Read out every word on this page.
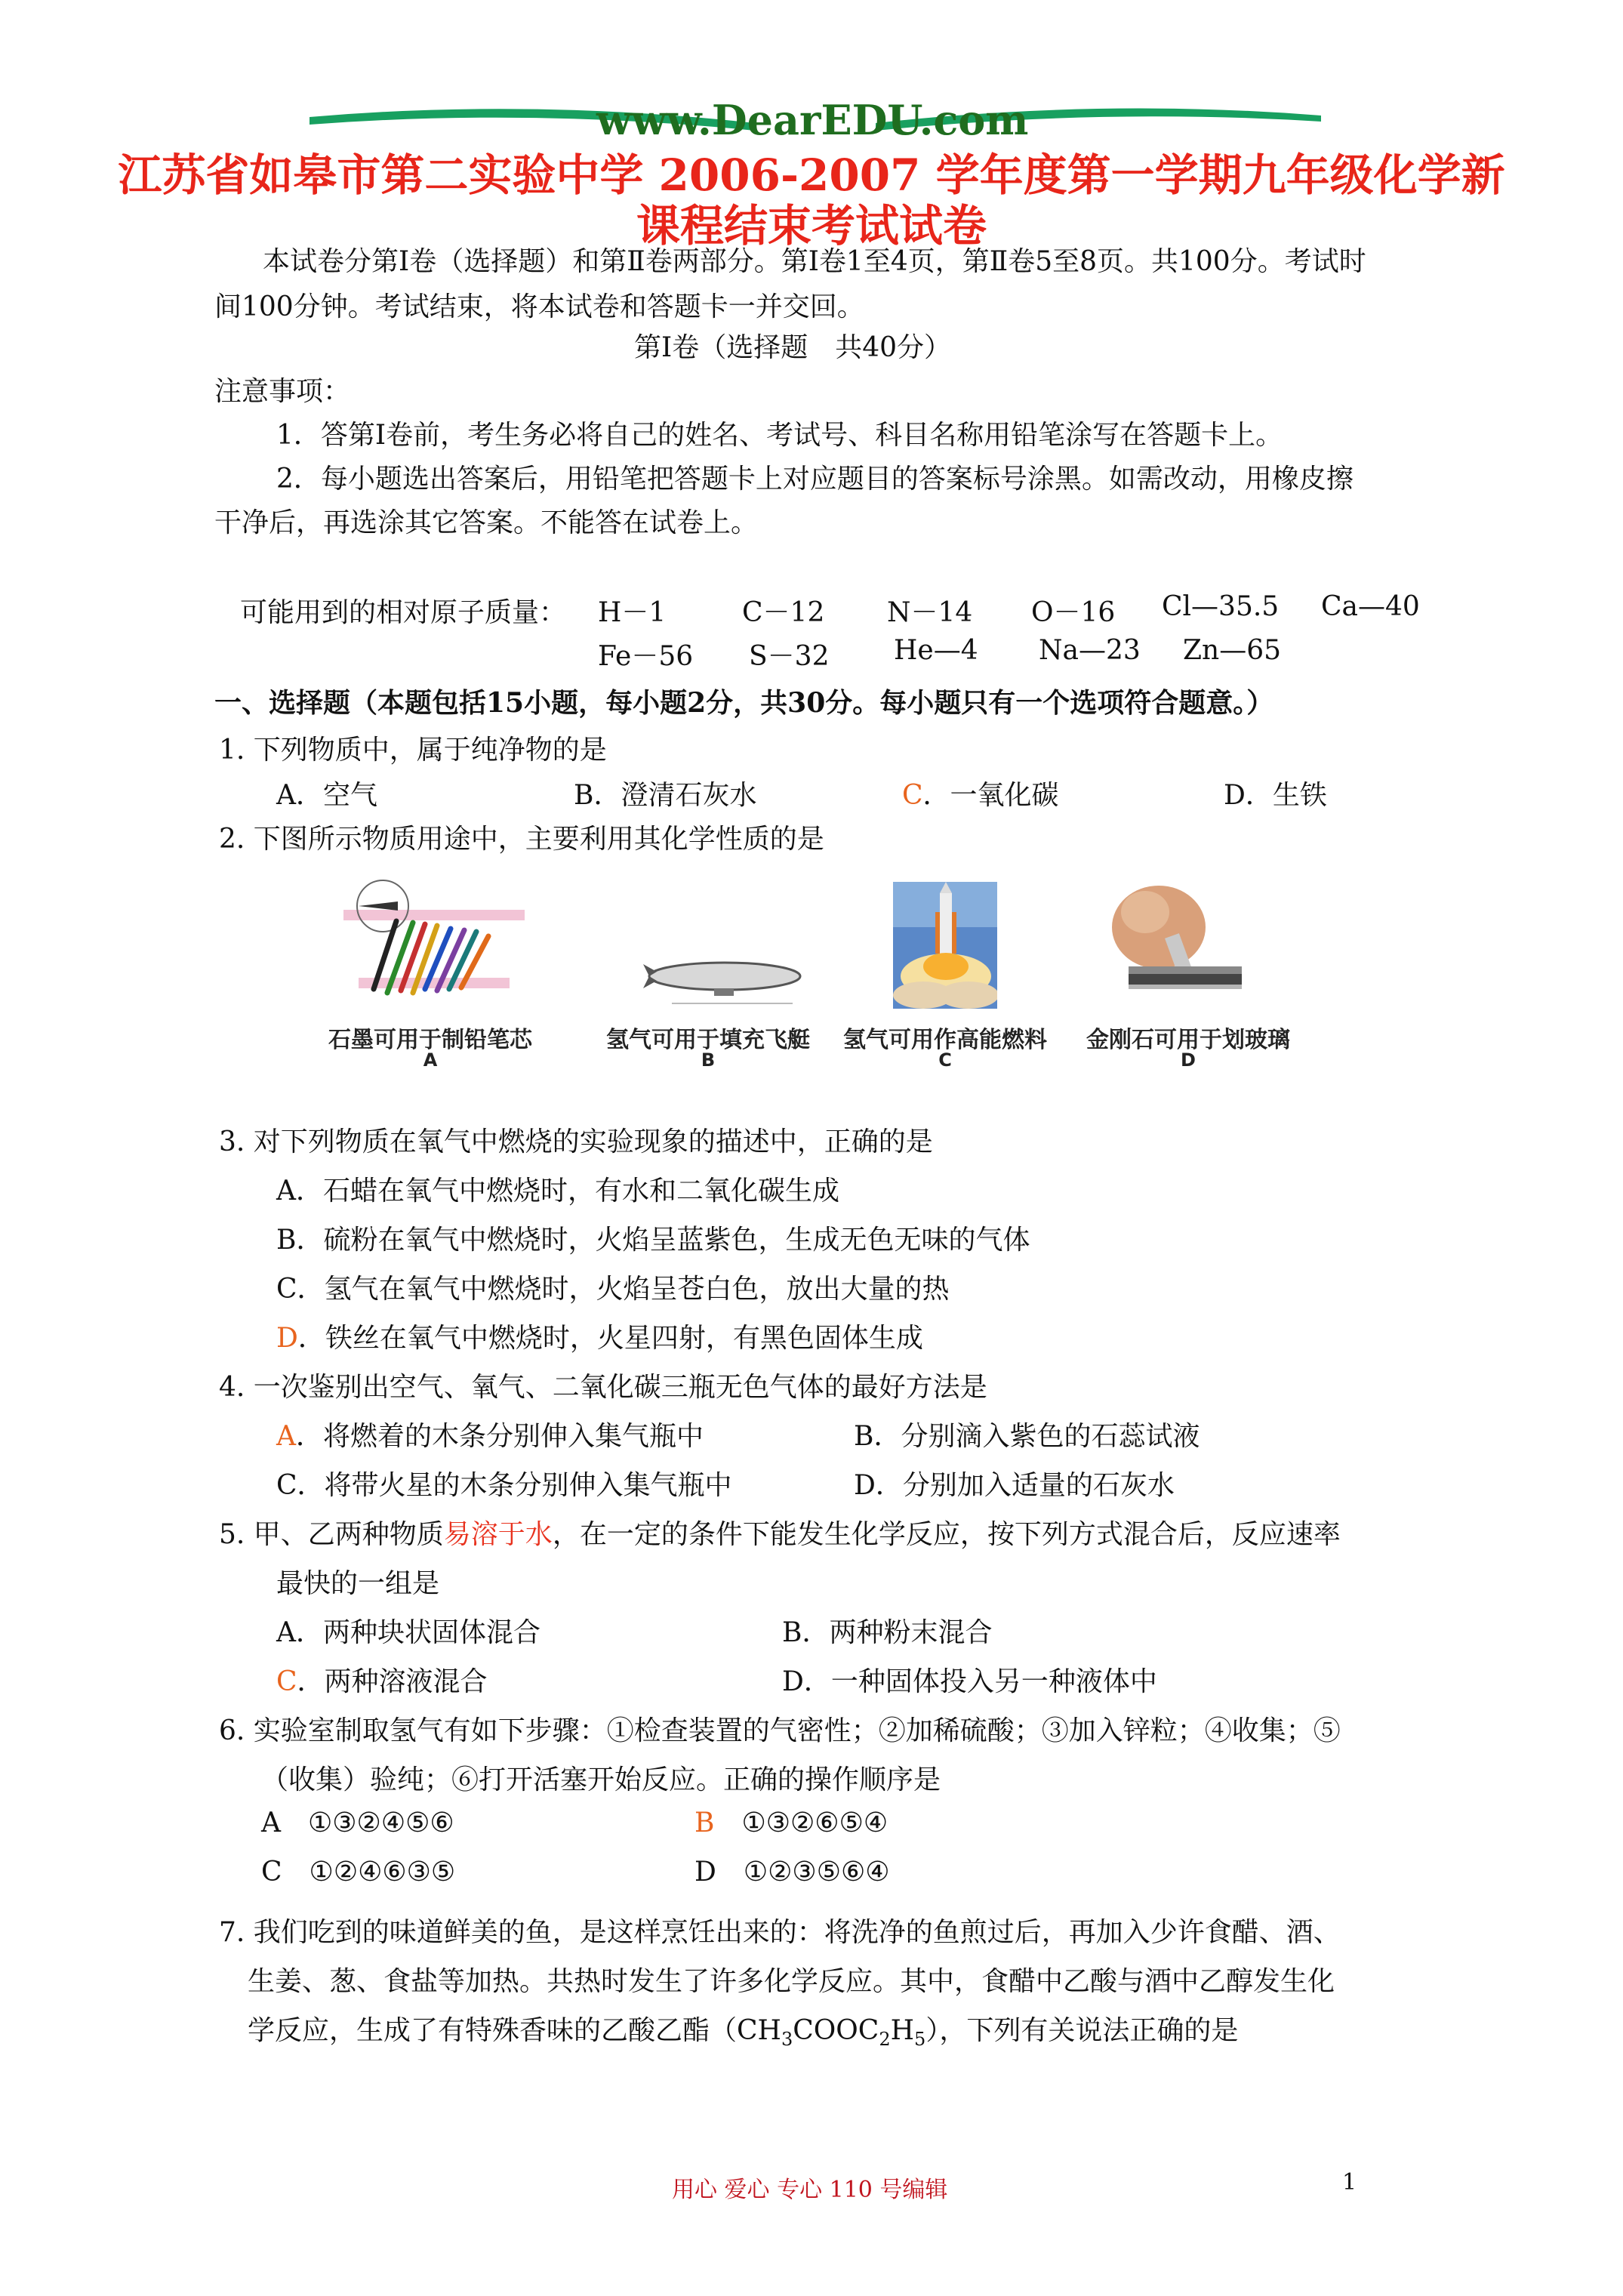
www.DearEDU.com
江苏省如皋市第二实验中学 2006-2007 学年度第一学期九年级化学新
课程结束考试试卷
本试卷分第Ⅰ卷（选择题）和第Ⅱ卷两部分。第Ⅰ卷1至4页，第Ⅱ卷5至8页。共100分。考试时
间100分钟。考试结束，将本试卷和答题卡一并交回。
第Ⅰ卷（选择题　共40分）
注意事项：
1．答第Ⅰ卷前，考生务必将自己的姓名、考试号、科目名称用铅笔涂写在答题卡上。
2．每小题选出答案后，用铅笔把答题卡上对应题目的答案标号涂黑。如需改动，用橡皮擦
干净后，再选涂其它答案。不能答在试卷上。
可能用到的相对原子质量： H－1	C－12 N－14 O－16 Cl—35.5 Ca—40
Fe－56 S－32 He—4 Na—23 Zn—65
一、选择题（本题包括15小题，每小题2分，共30分。每小题只有一个选项符合题意。）
1. 下列物质中，属于纯净物的是
A．空气	B．澄清石灰水	C．一氧化碳	D．生铁
2. 下图所示物质用途中，主要利用其化学性质的是
石墨可用于制铅笔芯
A
氢气可用于填充飞艇
B
氢气可用作高能燃料
C
金刚石可用于划玻璃
D
3. 对下列物质在氧气中燃烧的实验现象的描述中，正确的是
A．石蜡在氧气中燃烧时，有水和二氧化碳生成
B．硫粉在氧气中燃烧时，火焰呈蓝紫色，生成无色无味的气体
C．氢气在氧气中燃烧时，火焰呈苍白色，放出大量的热
D．铁丝在氧气中燃烧时，火星四射，有黑色固体生成
4. 一次鉴别出空气、氧气、二氧化碳三瓶无色气体的最好方法是
A．将燃着的木条分别伸入集气瓶中	B．分别滴入紫色的石蕊试液
C．将带火星的木条分别伸入集气瓶中	D．分别加入适量的石灰水
5. 甲、乙两种物质易溶于水，在一定的条件下能发生化学反应，按下列方式混合后，反应速率
最快的一组是
A．两种块状固体混合	B．两种粉末混合
C．两种溶液混合	D．一种固体投入另一种液体中
6. 实验室制取氢气有如下步骤：①检查装置的气密性；②加稀硫酸；③加入锌粒；④收集；⑤
（收集）验纯；⑥打开活塞开始反应。正确的操作顺序是
A ①③②④⑤⑥	B ①③②⑥⑤④
C ①②④⑥③⑤	D ①②③⑤⑥④
7. 我们吃到的味道鲜美的鱼，是这样烹饪出来的：将洗净的鱼煎过后，再加入少许食醋、酒、
生姜、葱、食盐等加热。共热时发生了许多化学反应。其中，食醋中乙酸与酒中乙醇发生化
学反应，生成了有特殊香味的乙酸乙酯$(CH_3COOC_2H_5)$，下列有关说法正确的是
用心 爱心 专心 110 号编辑	1
